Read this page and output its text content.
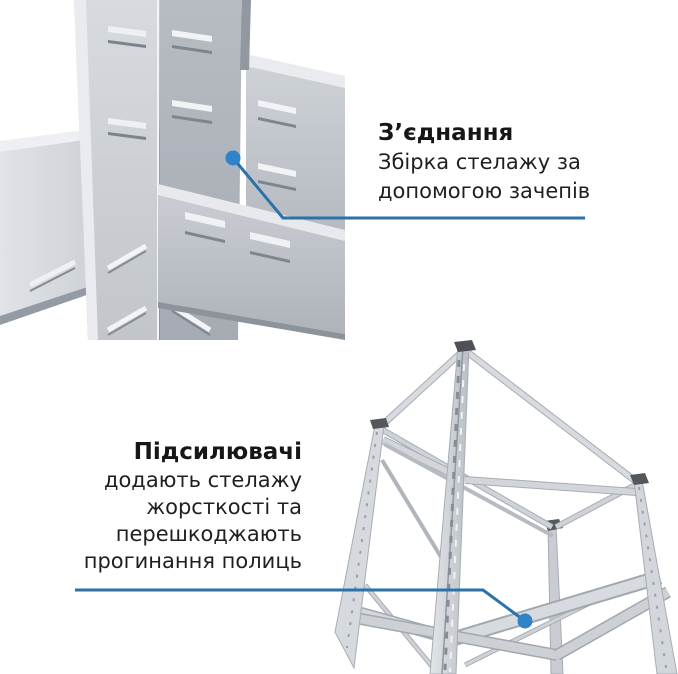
З’єднання
Збірка стелажу за
допомогою зачепів
Підсилювачі
додають стелажу
жорсткості та
перешкоджають
прогинання полиць
